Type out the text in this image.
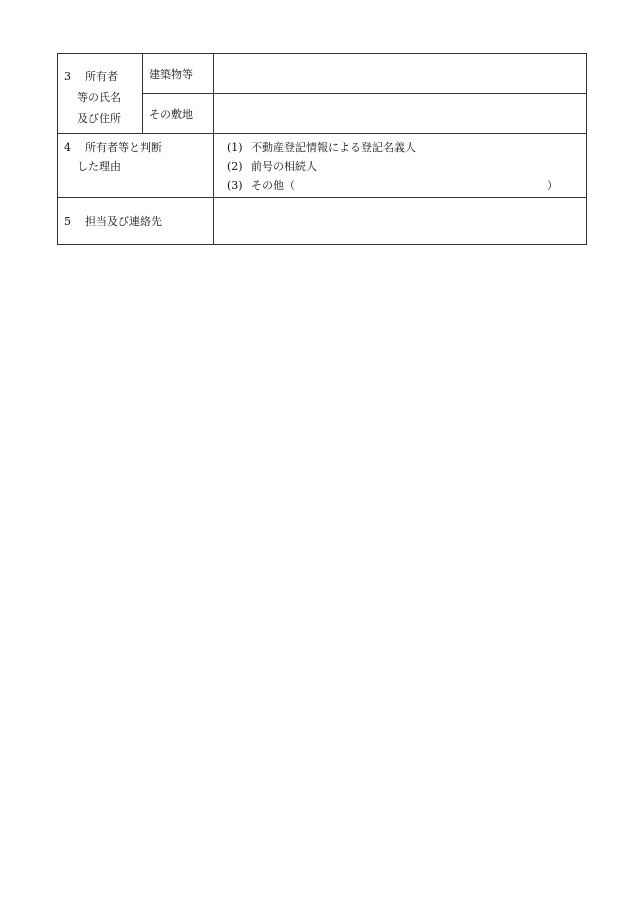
3 所有者
等の氏名
及び住所	建築物等	
	その敷地	
4 所有者等と判断
した理由		(1) 不動産登記情報による登記名義人
(2) 前号の相続人
(3) その他（ ）

5 担当及び連絡先		
